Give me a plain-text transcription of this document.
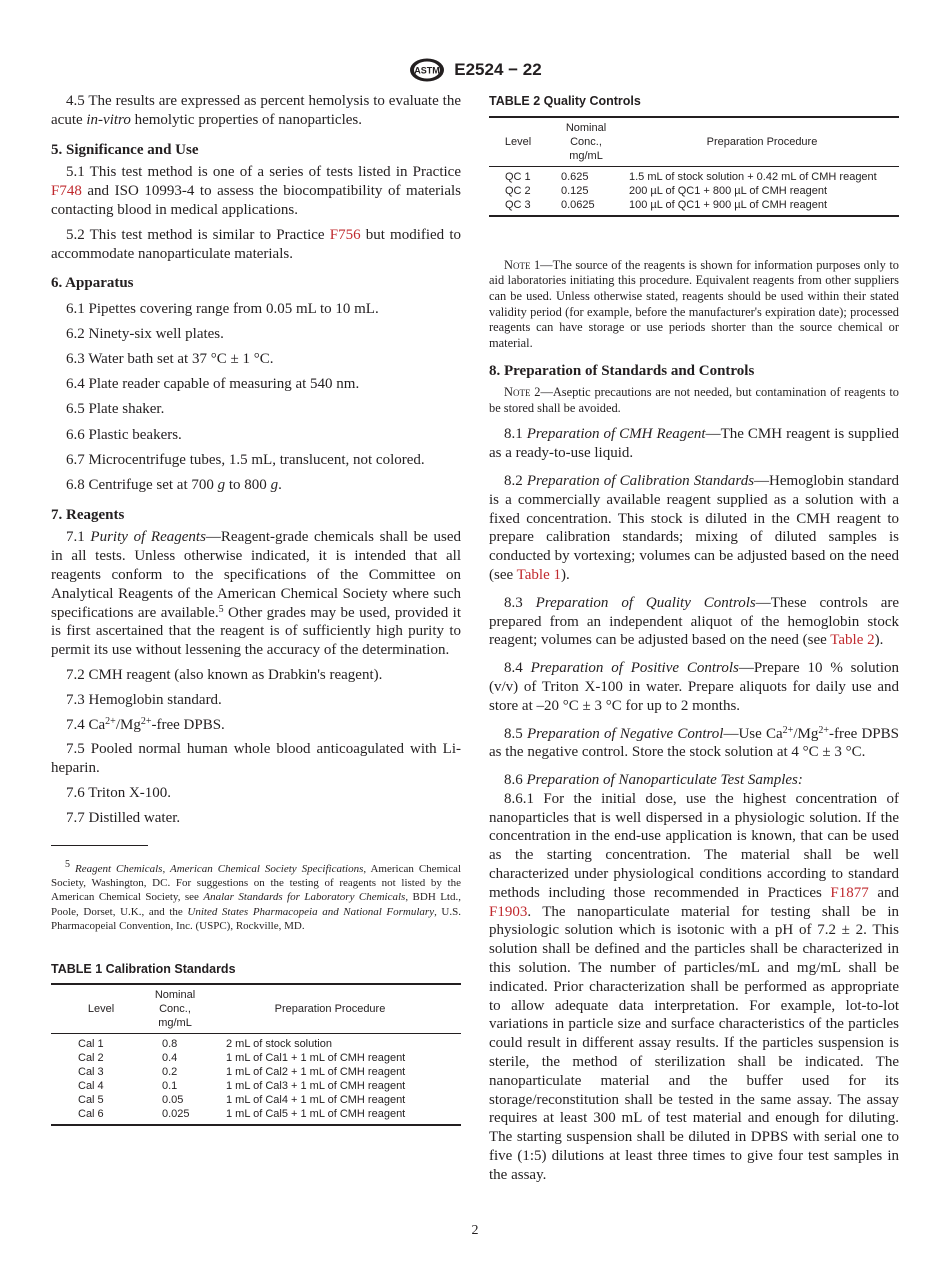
ASTM E2524 − 22

4.5 The results are expressed as percent hemolysis to evaluate the acute in-vitro hemolytic properties of nanoparticles.

5. Significance and Use

5.1 This test method is one of a series of tests listed in Practice F748 and ISO 10993-4 to assess the biocompatibility of materials contacting blood in medical applications.

5.2 This test method is similar to Practice F756 but modified to accommodate nanoparticulate materials.

6. Apparatus

6.1 Pipettes covering range from 0.05 mL to 10 mL.

6.2 Ninety-six well plates.

6.3 Water bath set at 37 °C ± 1 °C.

6.4 Plate reader capable of measuring at 540 nm.

6.5 Plate shaker.

6.6 Plastic beakers.

6.7 Microcentrifuge tubes, 1.5 mL, translucent, not colored.

6.8 Centrifuge set at 700 g to 800 g.

7. Reagents

7.1 Purity of Reagents—Reagent-grade chemicals shall be used in all tests. Unless otherwise indicated, it is intended that all reagents conform to the specifications of the Committee on Analytical Reagents of the American Chemical Society where such specifications are available.$^5$ Other grades may be used, provided it is first ascertained that the reagent is of sufficiently high purity to permit its use without lessening the accuracy of the determination.

7.2 CMH reagent (also known as Drabkin's reagent).

7.3 Hemoglobin standard.

7.4 $Ca^{2+}/Mg^{2+}$-free DPBS.

7.5 Pooled normal human whole blood anticoagulated with Li-heparin.

7.6 Triton X-100.

7.7 Distilled water.

$^5$ Reagent Chemicals, American Chemical Society Specifications, American Chemical Society, Washington, DC. For suggestions on the testing of reagents not listed by the American Chemical Society, see Analar Standards for Laboratory Chemicals, BDH Ltd., Poole, Dorset, U.K., and the United States Pharmacopeia and National Formulary, U.S. Pharmacopeial Convention, Inc. (USPC), Rockville, MD.

TABLE 1 Calibration Standards

Level	Nominal
Conc.,
mg/mL	Preparation Procedure
Cal 1	0.8	2 mL of stock solution
Cal 2	0.4	1 mL of Cal1 + 1 mL of CMH reagent
Cal 3	0.2	1 mL of Cal2 + 1 mL of CMH reagent
Cal 4	0.1	1 mL of Cal3 + 1 mL of CMH reagent
Cal 5	0.05	1 mL of Cal4 + 1 mL of CMH reagent
Cal 6	0.025	1 mL of Cal5 + 1 mL of CMH reagent

TABLE 2 Quality Controls

Level	Nominal
Conc.,
mg/mL	Preparation Procedure
QC 1	0.625	1.5 mL of stock solution + 0.42 mL of CMH reagent
QC 2	0.125	200 µL of QC1 + 800 µL of CMH reagent
QC 3	0.0625	100 µL of QC1 + 900 µL of CMH reagent

Note 1—The source of the reagents is shown for information purposes only to aid laboratories initiating this procedure. Equivalent reagents from other suppliers can be used. Unless otherwise stated, reagents should be used within their stated validity period (for example, before the manufacturer's expiration date); processed reagents can have storage or use periods shorter than the source chemical or material.

8. Preparation of Standards and Controls

Note 2—Aseptic precautions are not needed, but contamination of reagents to be stored shall be avoided.

8.1 Preparation of CMH Reagent—The CMH reagent is supplied as a ready-to-use liquid.

8.2 Preparation of Calibration Standards—Hemoglobin standard is a commercially available reagent supplied as a solution with a fixed concentration. This stock is diluted in the CMH reagent to prepare calibration standards; mixing of diluted samples is conducted by vortexing; volumes can be adjusted based on the need (see Table 1).

8.3 Preparation of Quality Controls—These controls are prepared from an independent aliquot of the hemoglobin stock reagent; volumes can be adjusted based on the need (see Table 2).

8.4 Preparation of Positive Controls—Prepare 10 % solution (v/v) of Triton X-100 in water. Prepare aliquots for daily use and store at –20 °C ± 3 °C for up to 2 months.

8.5 Preparation of Negative Control—Use $Ca^{2+}/Mg^{2+}$-free DPBS as the negative control. Store the stock solution at 4 °C ± 3 °C.

8.6 Preparation of Nanoparticulate Test Samples:

8.6.1 For the initial dose, use the highest concentration of nanoparticles that is well dispersed in a physiologic solution. If the concentration in the end-use application is known, that can be used as the starting concentration. The material shall be well characterized under physiological conditions according to standard methods including those recommended in Practices F1877 and F1903. The nanoparticulate material for testing shall be in physiologic solution which is isotonic with a pH of 7.2 ± 2. This solution shall be defined and the particles shall be characterized in this solution. The number of particles/mL and mg/mL shall be indicated. Prior characterization shall be performed as appropriate to allow adequate data interpretation. For example, lot-to-lot variations in particle size and surface characteristics of the particles could result in different assay results. If the particles suspension is sterile, the method of sterilization shall be indicated. The nanoparticulate material and the buffer used for its storage/reconstitution shall be tested in the same assay. The assay requires at least 300 mL of test material and enough for diluting. The starting suspension shall be diluted in DPBS with serial one to five (1:5) dilutions at least three times to give four test samples in the assay.

2
